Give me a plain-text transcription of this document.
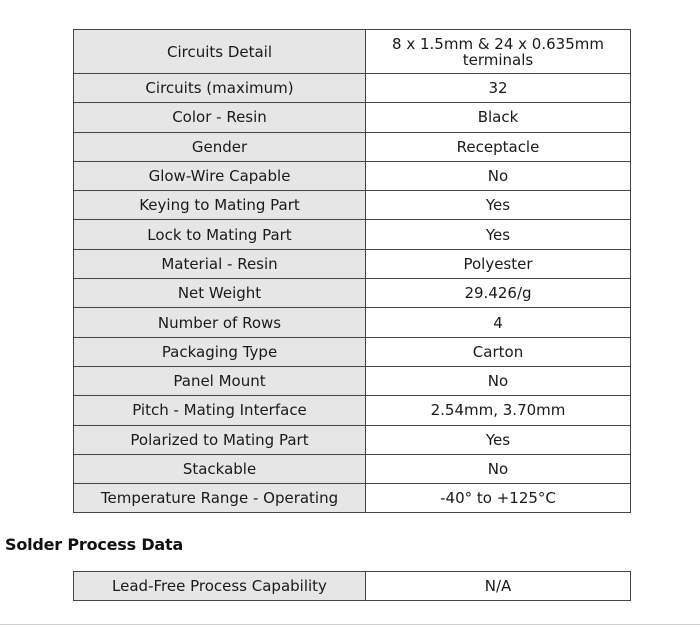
Circuits Detail	8 x 1.5mm & 24 x 0.635mm terminals
Circuits (maximum)	32
Color - Resin	Black
Gender	Receptacle
Glow-Wire Capable	No
Keying to Mating Part	Yes
Lock to Mating Part	Yes
Material - Resin	Polyester
Net Weight	29.426/g
Number of Rows	4
Packaging Type	Carton
Panel Mount	No
Pitch - Mating Interface	2.54mm, 3.70mm
Polarized to Mating Part	Yes
Stackable	No
Temperature Range - Operating	-40° to +125°C
Solder Process Data
Lead-Free Process Capability	N/A
